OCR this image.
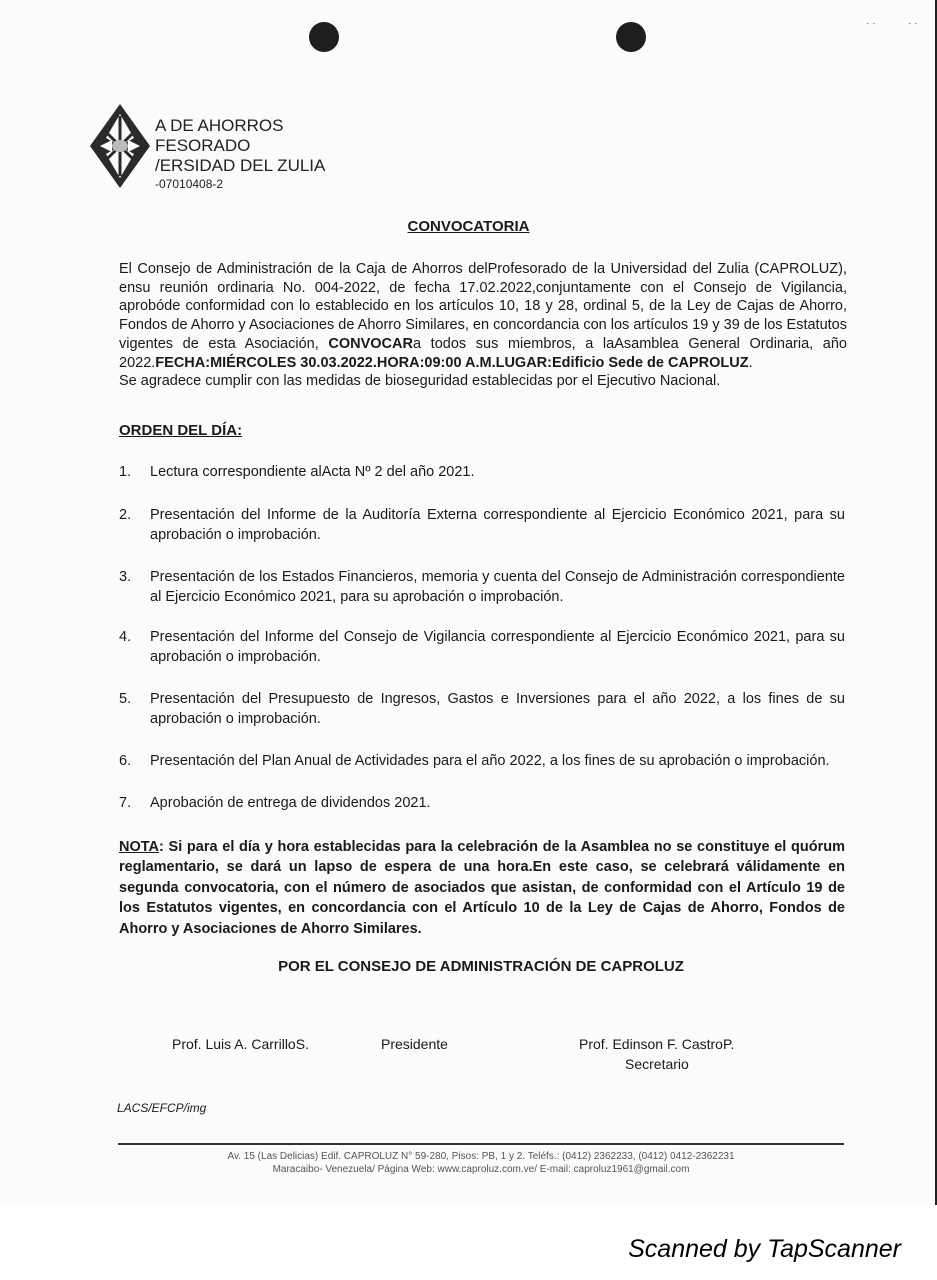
· ·	· ·
A DE AHORROS
FESORADO
/ERSIDAD DEL ZULIA
-07010408-2
CONVOCATORIA
El Consejo de Administración de la Caja de Ahorros delProfesorado de la Universidad del Zulia (CAPROLUZ), ensu reunión ordinaria No. 004-2022, de fecha 17.02.2022,conjuntamente con el Consejo de Vigilancia, aprobóde conformidad con lo establecido en los artículos 10, 18 y 28, ordinal 5, de la Ley de Cajas de Ahorro, Fondos de Ahorro y Asociaciones de Ahorro Similares, en concordancia con los artículos 19 y 39 de los Estatutos vigentes de esta Asociación, CONVOCARa todos sus miembros, a laAsamblea General Ordinaria, año 2022.FECHA:MIÉRCOLES 30.03.2022.HORA:09:00 A.M.LUGAR:Edificio Sede de CAPROLUZ.
Se agradece cumplir con las medidas de bioseguridad establecidas por el Ejecutivo Nacional.
ORDEN DEL DÍA:
1. Lectura correspondiente alActa Nº 2 del año 2021.
2. Presentación del Informe de la Auditoría Externa correspondiente al Ejercicio Económico 2021, para su aprobación o improbación.
3. Presentación de los Estados Financieros, memoria y cuenta del Consejo de Administración correspondiente al Ejercicio Económico 2021, para su aprobación o improbación.
4. Presentación del Informe del Consejo de Vigilancia correspondiente al Ejercicio Económico 2021, para su aprobación o improbación.
5. Presentación del Presupuesto de Ingresos, Gastos e Inversiones para el año 2022, a los fines de su aprobación o improbación.
6. Presentación del Plan Anual de Actividades para el año 2022, a los fines de su aprobación o improbación.
7. Aprobación de entrega de dividendos 2021.
NOTA: Si para el día y hora establecidas para la celebración de la Asamblea no se constituye el quórum reglamentario, se dará un lapso de espera de una hora.En este caso, se celebrará válidamente en segunda convocatoria, con el número de asociados que asistan, de conformidad con el Artículo 19 de los Estatutos vigentes, en concordancia con el Artículo 10 de la Ley de Cajas de Ahorro, Fondos de Ahorro y Asociaciones de Ahorro Similares.
POR EL CONSEJO DE ADMINISTRACIÓN DE CAPROLUZ
Prof. Luis A. CarrilloS.	Presidente	Prof. Edinson F. CastroP.
Secretario
LACS/EFCP/img
Av. 15 (Las Delicias) Edif. CAPROLUZ N° 59-280, Pisos: PB, 1 y 2. Teléfs.: (0412) 2362233, (0412) 0412-2362231
Maracaibo- Venezuela/ Página Web: www.caproluz.com.ve/ E-mail: caproluz1961@gmail.com
Scanned by TapScanner
